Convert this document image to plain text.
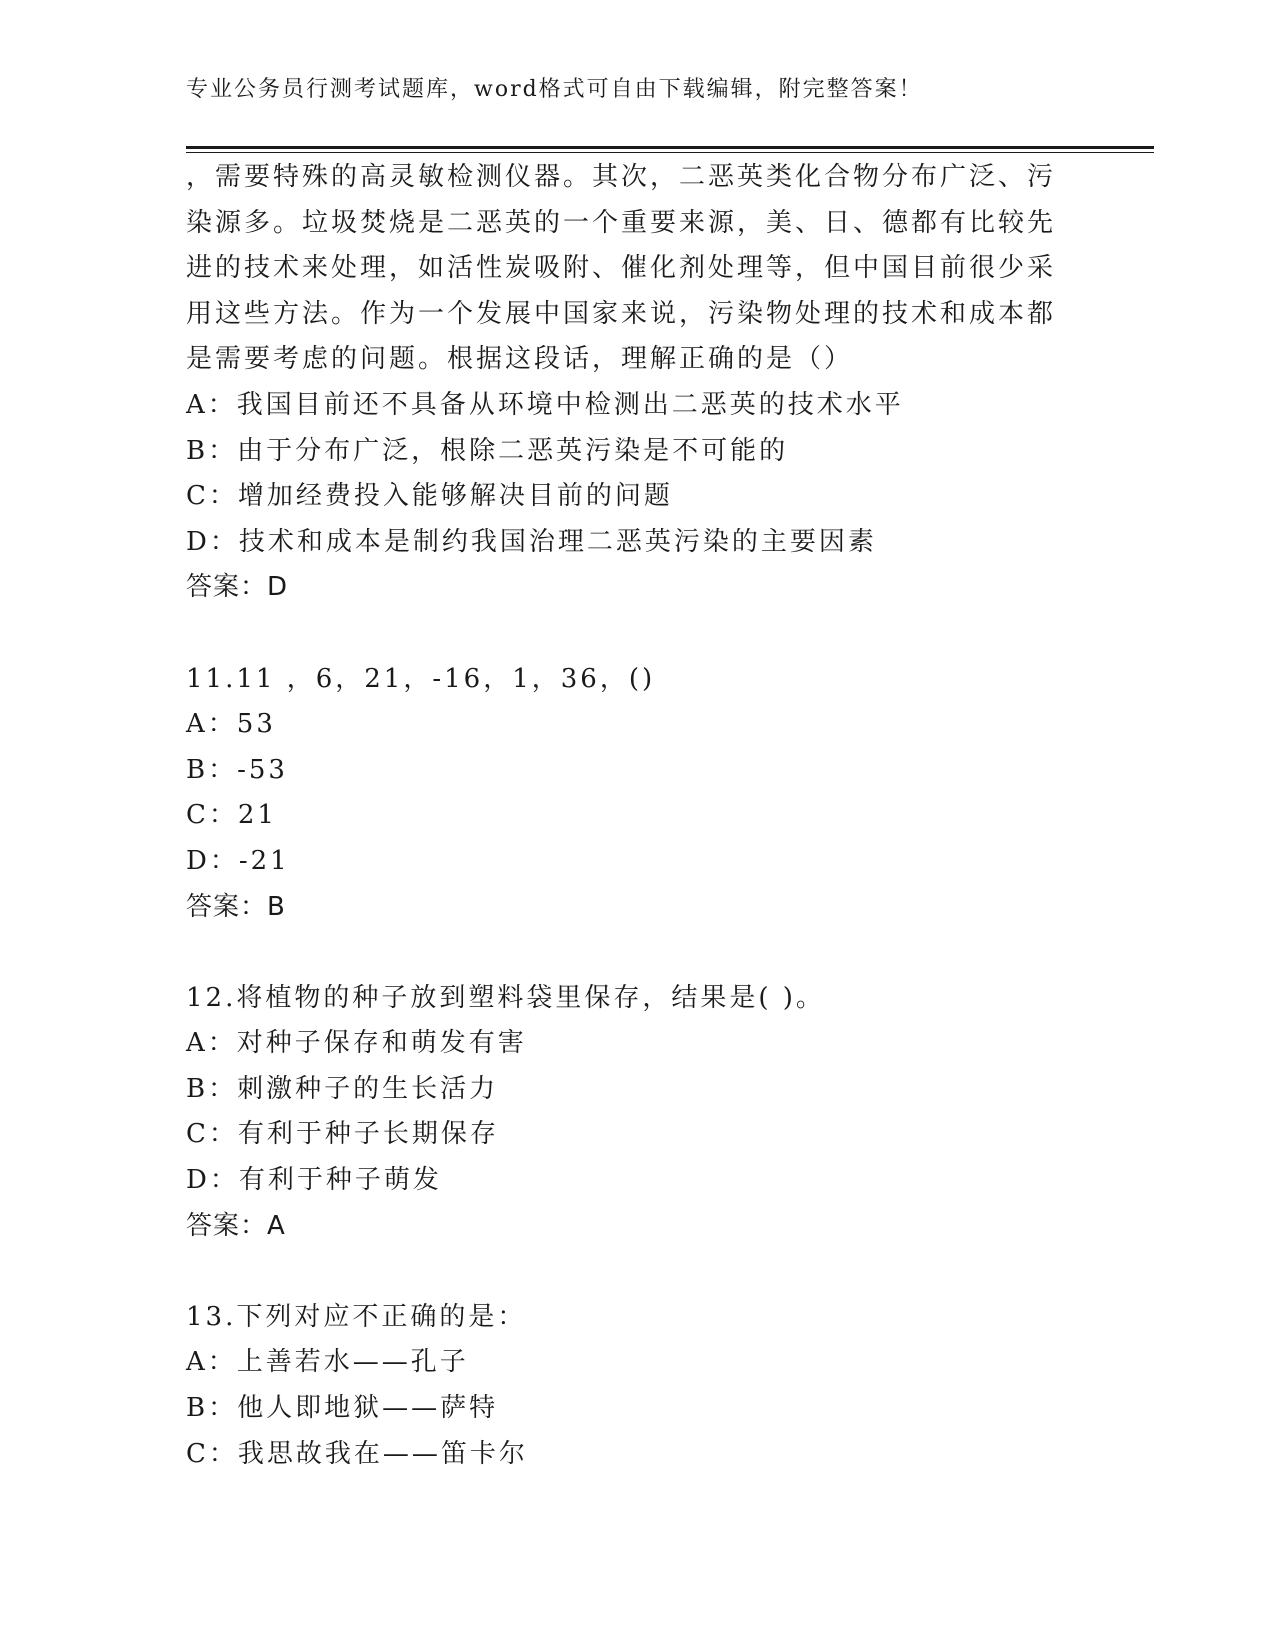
专业公务员行测考试题库，word格式可自由下载编辑，附完整答案！
，需要特殊的高灵敏检测仪器。其次，二恶英类化合物分布广泛、污
染源多。垃圾焚烧是二恶英的一个重要来源，美、日、德都有比较先
进的技术来处理，如活性炭吸附、催化剂处理等，但中国目前很少采
用这些方法。作为一个发展中国家来说，污染物处理的技术和成本都
是需要考虑的问题。根据这段话，理解正确的是（）
A：我国目前还不具备从环境中检测出二恶英的技术水平
B：由于分布广泛，根除二恶英污染是不可能的
C：增加经费投入能够解决目前的问题
D：技术和成本是制约我国治理二恶英污染的主要因素
答案：D
11.11 ，6，21，-16，1，36，()
A：53
B：-53
C：21
D：-21
答案：B
12.将植物的种子放到塑料袋里保存，结果是( )。
A：对种子保存和萌发有害
B：刺激种子的生长活力
C：有利于种子长期保存
D：有利于种子萌发
答案：A
13.下列对应不正确的是：
A：上善若水——孔子
B：他人即地狱——萨特
C：我思故我在——笛卡尔
